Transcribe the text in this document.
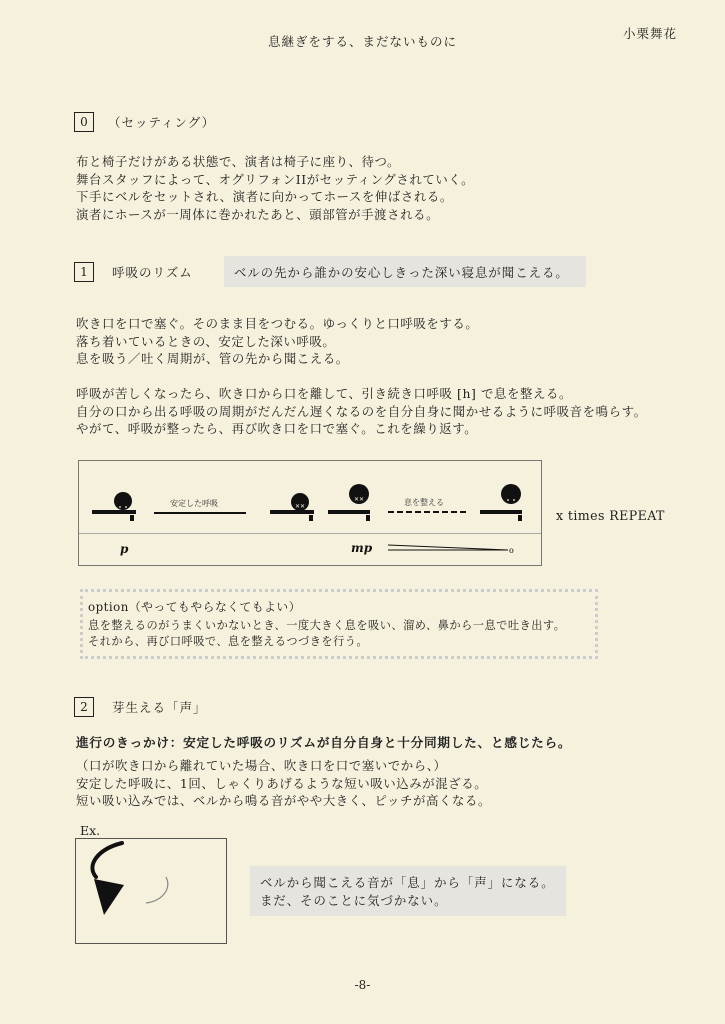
息継ぎをする、まだないものに
小栗舞花
0	（セッティング）
布と椅子だけがある状態で、演者は椅子に座り、待つ。
舞台スタッフによって、オグリフォンIIがセッティングされていく。
下手にベルをセットされ、演者に向かってホースを伸ばされる。
演者にホースが一周体に巻かれたあと、頭部管が手渡される。
1	呼吸のリズム	ベルの先から誰かの安心しきった深い寝息が聞こえる。
吹き口を口で塞ぐ。そのまま目をつむる。ゆっくりと口呼吸をする。
落ち着いているときの、安定した深い呼吸。
息を吸う／吐く周期が、管の先から聞こえる。
呼吸が苦しくなったら、吹き口から口を離して、引き続き口呼吸 [h] で息を整える。
自分の口から出る呼吸の周期がだんだん遅くなるのを自分自身に聞かせるように呼吸音を鳴らす。
やがて、呼吸が整ったら、再び吹き口を口で塞ぐ。これを繰り返す。
安定した呼吸	✕✕
✕✕	息を整える
p	mp	o
x times REPEAT
option（やってもやらなくてもよい）
息を整えるのがうまくいかないとき、一度大きく息を吸い、溜め、鼻から一息で吐き出す。
それから、再び口呼吸で、息を整えるつづきを行う。
2	芽生える「声」
進行のきっかけ：安定した呼吸のリズムが自分自身と十分同期した、と感じたら。
（口が吹き口から離れていた場合、吹き口を口で塞いでから、）
安定した呼吸に、1回、しゃくりあげるような短い吸い込みが混ざる。
短い吸い込みでは、ベルから鳴る音がやや大きく、ピッチが高くなる。
Ex.
ベルから聞こえる音が「息」から「声」になる。
まだ、そのことに気づかない。
-8-
